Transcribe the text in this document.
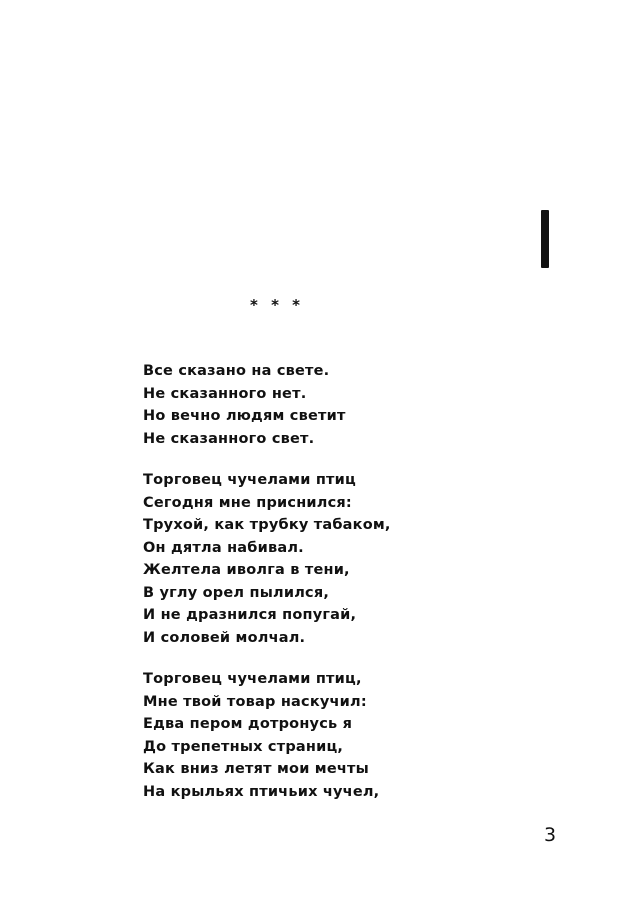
* * *
Все сказано на свете.
Не сказанного нет.
Но вечно людям светит
Не сказанного свет.
Торговец чучелами птиц
Сегодня мне приснился:
Трухой, как трубку табаком,
Он дятла набивал.
Желтела иволга в тени,
В углу орел пылился,
И не дразнился попугай,
И соловей молчал.
Торговец чучелами птиц,
Мне твой товар наскучил:
Едва пером дотронусь я
До трепетных страниц,
Как вниз летят мои мечты
На крыльях птичьих чучел,
3
